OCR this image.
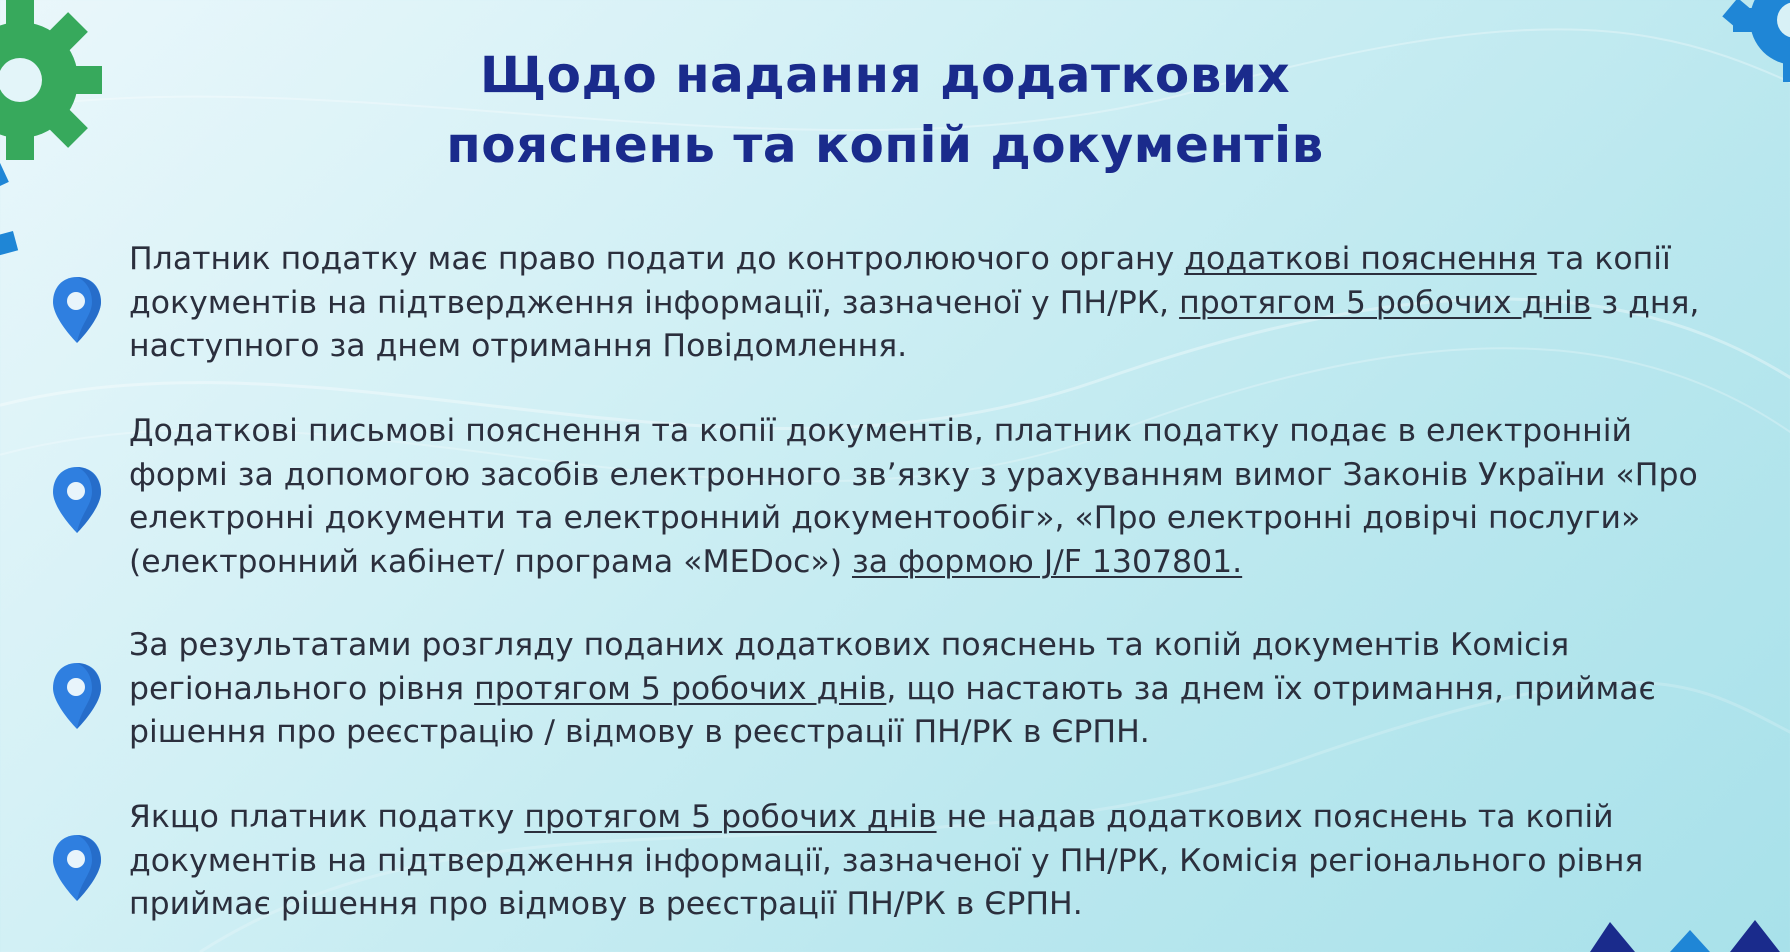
Щодо надання додаткових
пояснень та копій документів

Платник податку має право подати до контролюючого органу додаткові пояснення та копії документів на підтвердження інформації, зазначеної у ПН/РК, протягом 5 робочих днів з дня, наступного за днем отримання Повідомлення.

Додаткові письмові пояснення та копії документів, платник податку подає в електронній формі за допомогою засобів електронного зв’язку з урахуванням вимог Законів України «Про електронні документи та електронний документообіг», «Про електронні довірчі послуги» (електронний кабінет/ програма «MEDoc») за формою J/F 1307801.

За результатами розгляду поданих додаткових пояснень та копій документів Комісія регіонального рівня протягом 5 робочих днів, що настають за днем їх отримання, приймає рішення про реєстрацію / відмову в реєстрації ПН/РК в ЄРПН.

Якщо платник податку протягом 5 робочих днів не надав додаткових пояснень та копій документів на підтвердження інформації, зазначеної у ПН/РК, Комісія регіонального рівня приймає рішення про відмову в реєстрації ПН/РК в ЄРПН.
